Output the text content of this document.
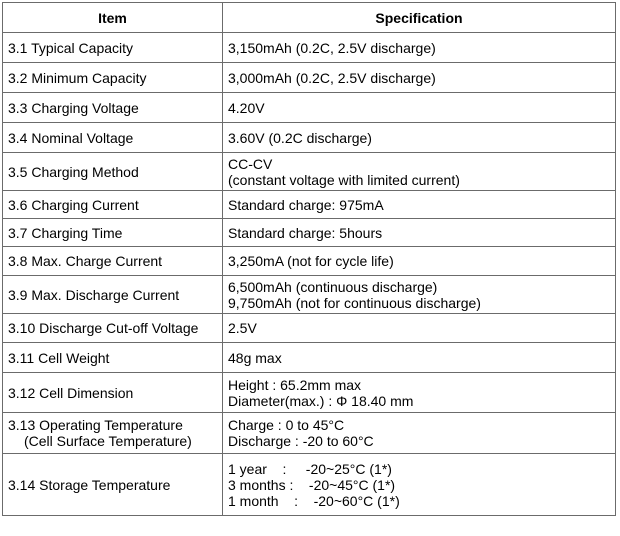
Item	Specification

3.1 Typical Capacity	3,150mAh (0.2C, 2.5V discharge)

3.2 Minimum Capacity	3,000mAh (0.2C, 2.5V discharge)

3.3 Charging Voltage	4.20V

3.4 Nominal Voltage	3.60V (0.2C discharge)

3.5 Charging Method	CC-CV
(constant voltage with limited current)

3.6 Charging Current	Standard charge: 975mA

3.7 Charging Time	Standard charge: 5hours

3.8 Max. Charge Current	3,250mA (not for cycle life)

3.9 Max. Discharge Current	6,500mAh (continuous discharge)
9,750mAh (not for continuous discharge)

3.10 Discharge Cut-off Voltage	2.5V

3.11 Cell Weight	48g max

3.12 Cell Dimension	Height : 65.2mm max
Diameter(max.) : Φ 18.40 mm

3.13 Operating Temperature
(Cell Surface Temperature)	Charge : 0 to 45°C
Discharge : -20 to 60°C

3.14 Storage Temperature	1 year    :     -20~25°C (1*)
3 months :    -20~45°C (1*)
1 month    :    -20~60°C (1*)
